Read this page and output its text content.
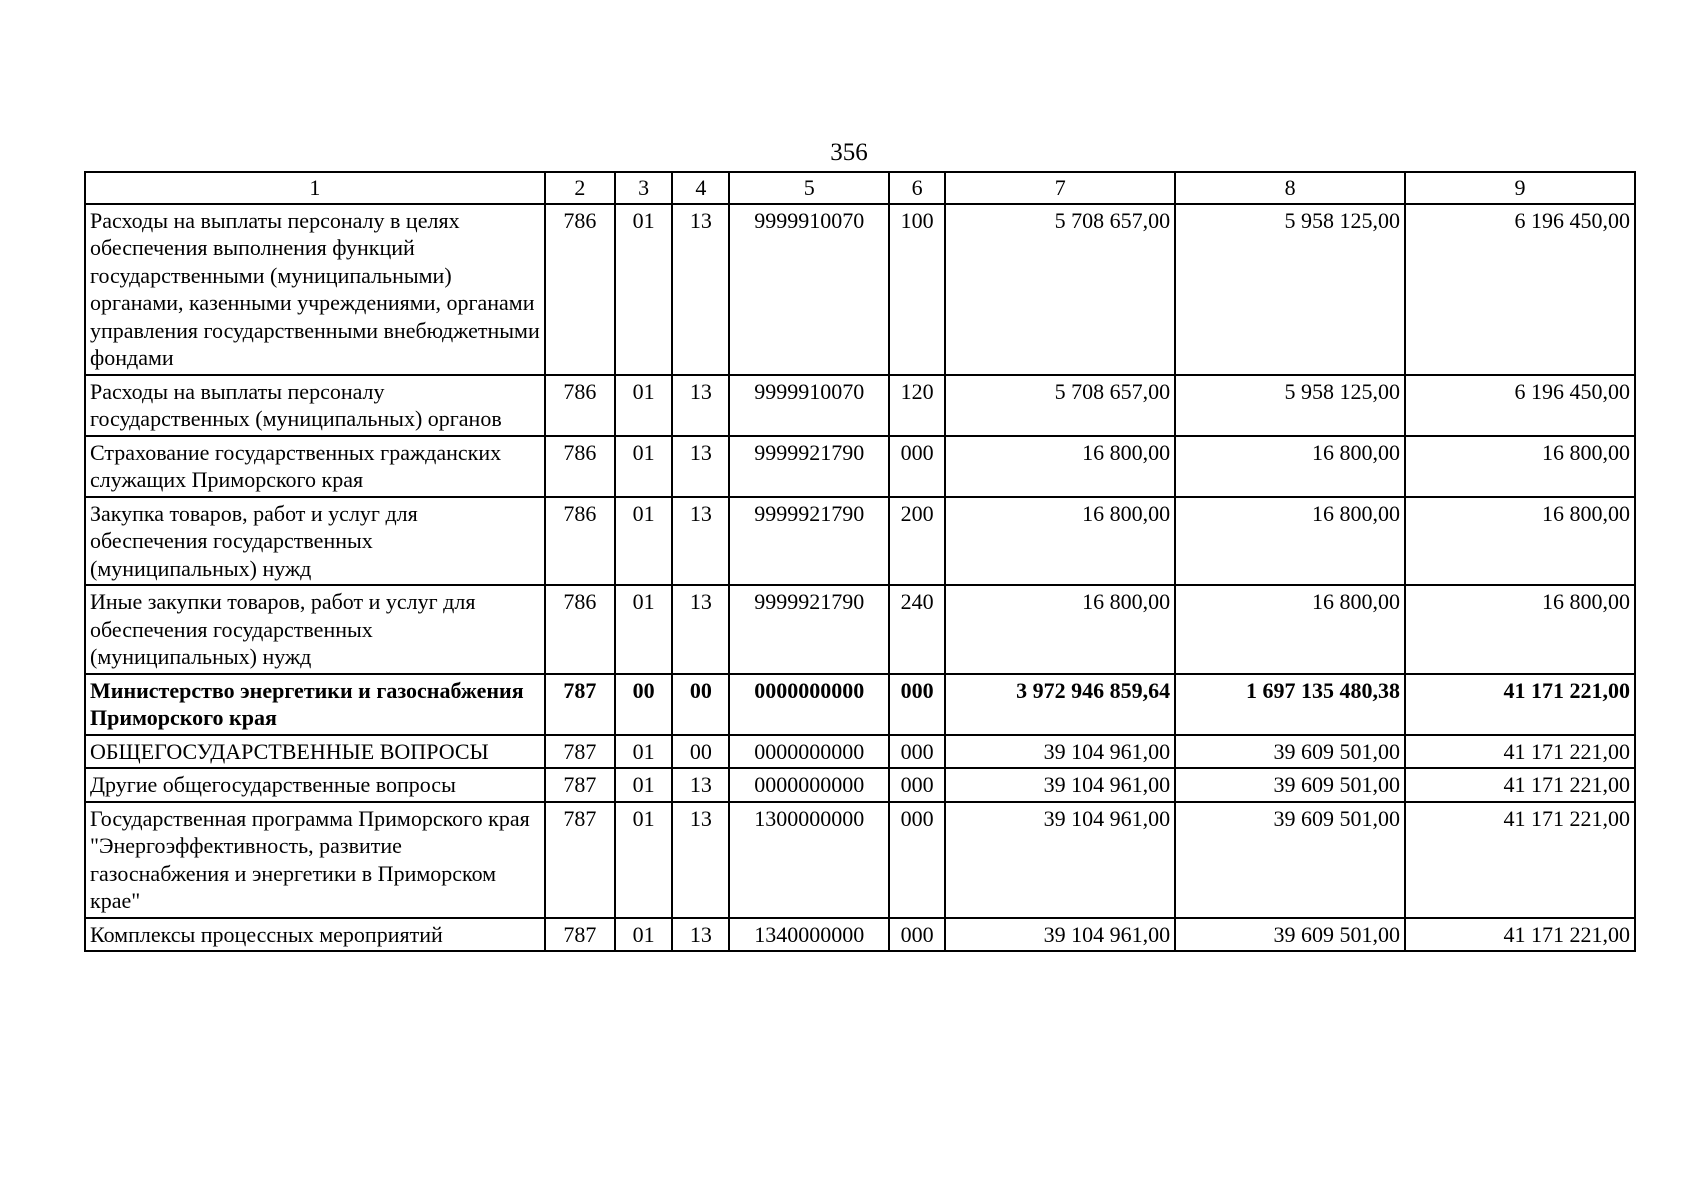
356
1	2	3	4	5	6	7	8	9
Расходы на выплаты персоналу в целях обеспечения выполнения функций государственными (муниципальными) органами, казенными учреждениями, органами управления государственными внебюджетными фондами	786	01	13	9999910070	100	5 708 657,00	5 958 125,00	6 196 450,00
Расходы на выплаты персоналу государственных (муниципальных) органов	786	01	13	9999910070	120	5 708 657,00	5 958 125,00	6 196 450,00
Страхование государственных гражданских служащих Приморского края	786	01	13	9999921790	000	16 800,00	16 800,00	16 800,00
Закупка товаров, работ и услуг для обеспечения государственных (муниципальных) нужд	786	01	13	9999921790	200	16 800,00	16 800,00	16 800,00
Иные закупки товаров, работ и услуг для обеспечения государственных (муниципальных) нужд	786	01	13	9999921790	240	16 800,00	16 800,00	16 800,00
Министерство энергетики и газоснабжения Приморского края	787	00	00	0000000000	000	3 972 946 859,64	1 697 135 480,38	41 171 221,00
ОБЩЕГОСУДАРСТВЕННЫЕ ВОПРОСЫ	787	01	00	0000000000	000	39 104 961,00	39 609 501,00	41 171 221,00
Другие общегосударственные вопросы	787	01	13	0000000000	000	39 104 961,00	39 609 501,00	41 171 221,00
Государственная программа Приморского края "Энергоэффективность, развитие газоснабжения и энергетики в Приморском крае"	787	01	13	1300000000	000	39 104 961,00	39 609 501,00	41 171 221,00
Комплексы процессных мероприятий	787	01	13	1340000000	000	39 104 961,00	39 609 501,00	41 171 221,00
